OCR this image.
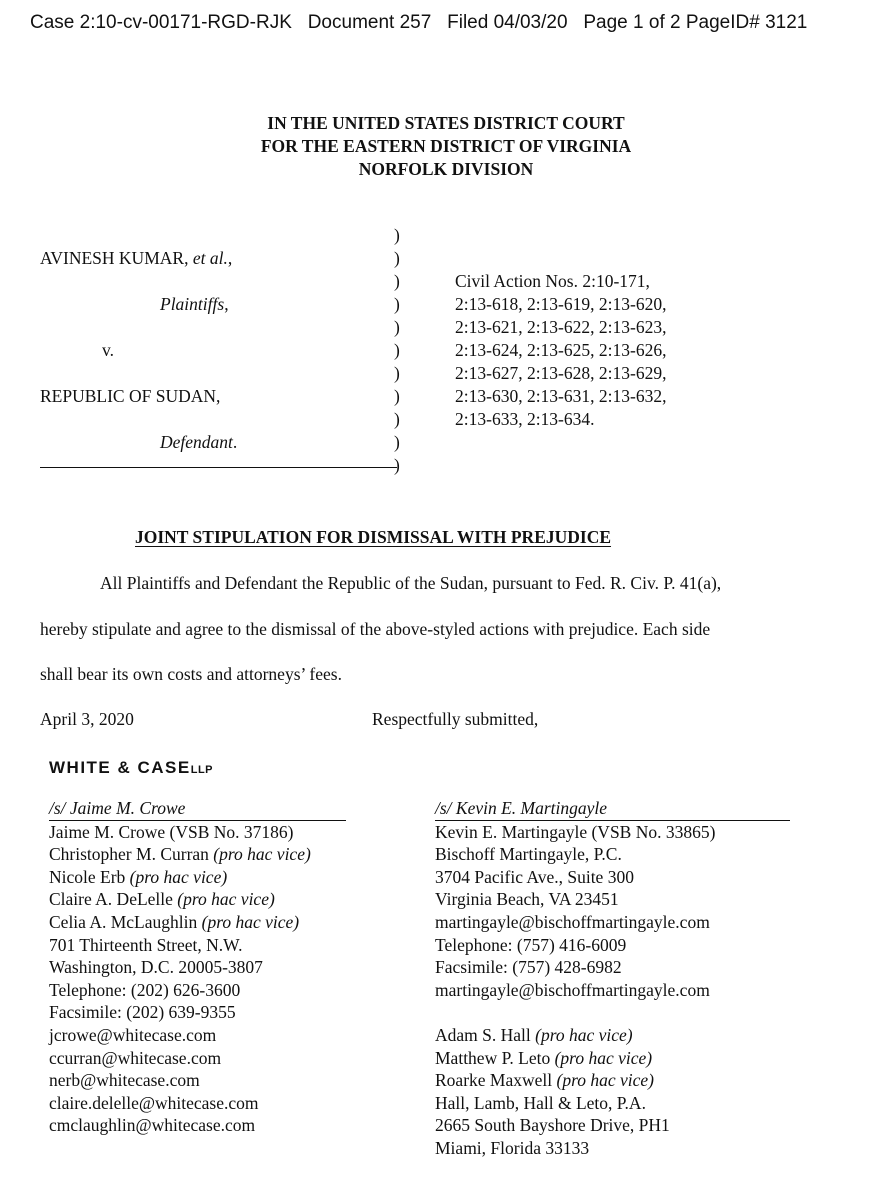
Case 2:10-cv-00171-RGD-RJK   Document 257   Filed 04/03/20   Page 1 of 2 PageID# 3121
IN THE UNITED STATES DISTRICT COURT
FOR THE EASTERN DISTRICT OF VIRGINIA
NORFOLK DIVISION
AVINESH KUMAR, et al.,
Plaintiffs,
v.
REPUBLIC OF SUDAN,
Defendant.
)
)
)
)
)
)
)
)
)
)
)
Civil Action Nos. 2:10-171,
2:13-618, 2:13-619, 2:13-620,
2:13-621, 2:13-622, 2:13-623,
2:13-624, 2:13-625, 2:13-626,
2:13-627, 2:13-628, 2:13-629,
2:13-630, 2:13-631, 2:13-632,
2:13-633, 2:13-634.
JOINT STIPULATION FOR DISMISSAL WITH PREJUDICE
All Plaintiffs and Defendant the Republic of the Sudan, pursuant to Fed. R. Civ. P. 41(a),
hereby stipulate and agree to the dismissal of the above-styled actions with prejudice. Each side
shall bear its own costs and attorneys’ fees.
April 3, 2020	Respectfully submitted,
WHITE & CASELLP
/s/ Jaime M. Crowe
Jaime M. Crowe (VSB No. 37186)
Christopher M. Curran (pro hac vice)
Nicole Erb (pro hac vice)
Claire A. DeLelle (pro hac vice)
Celia A. McLaughlin (pro hac vice)
701 Thirteenth Street, N.W.
Washington, D.C. 20005-3807
Telephone: (202) 626-3600
Facsimile: (202) 639-9355
jcrowe@whitecase.com
ccurran@whitecase.com
nerb@whitecase.com
claire.delelle@whitecase.com
cmclaughlin@whitecase.com
/s/ Kevin E. Martingayle
Kevin E. Martingayle (VSB No. 33865)
Bischoff Martingayle, P.C.
3704 Pacific Ave., Suite 300
Virginia Beach, VA 23451
martingayle@bischoffmartingayle.com
Telephone: (757) 416-6009
Facsimile: (757) 428-6982
martingayle@bischoffmartingayle.com
Adam S. Hall (pro hac vice)
Matthew P. Leto (pro hac vice)
Roarke Maxwell (pro hac vice)
Hall, Lamb, Hall & Leto, P.A.
2665 South Bayshore Drive, PH1
Miami, Florida 33133
